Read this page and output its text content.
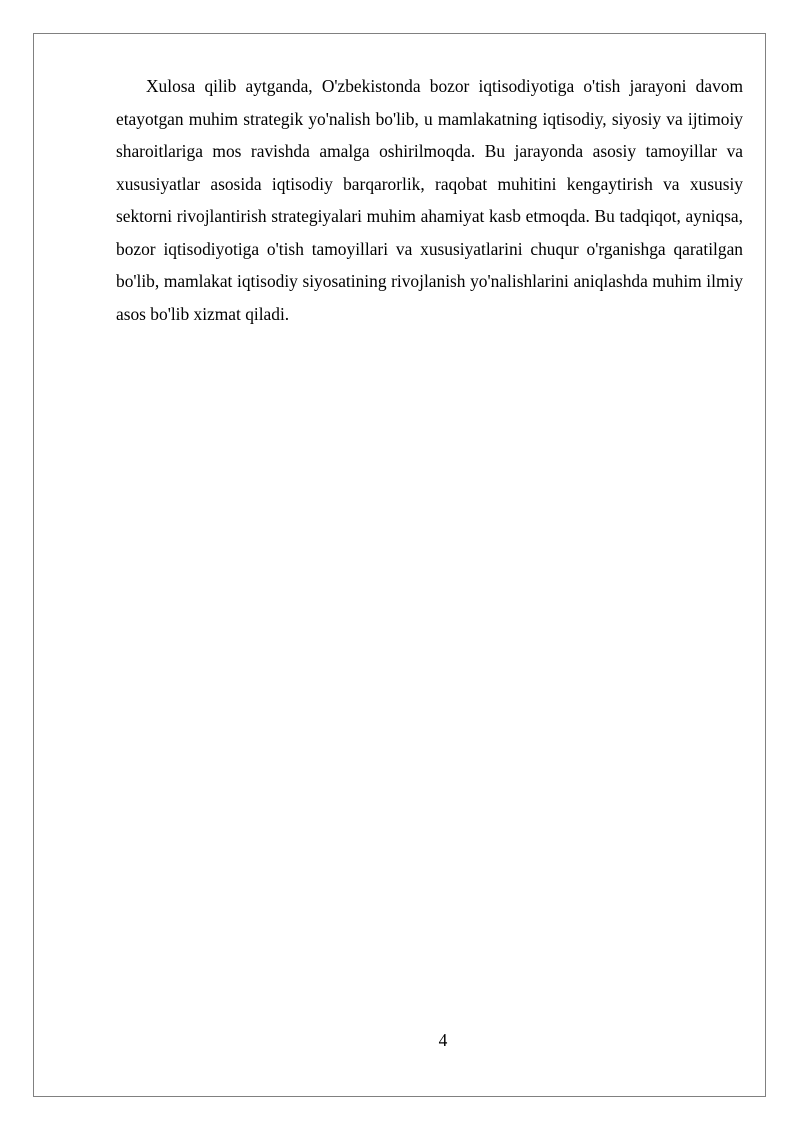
Xulosa qilib aytganda, O'zbekistonda bozor iqtisodiyotiga o'tish jarayoni davom etayotgan muhim strategik yo'nalish bo'lib, u mamlakatning iqtisodiy, siyosiy va ijtimoiy sharoitlariga mos ravishda amalga oshirilmoqda. Bu jarayonda asosiy tamoyillar va xususiyatlar asosida iqtisodiy barqarorlik, raqobat muhitini kengaytirish va xususiy sektorni rivojlantirish strategiyalari muhim ahamiyat kasb etmoqda. Bu tadqiqot, ayniqsa, bozor iqtisodiyotiga o'tish tamoyillari va xususiyatlarini chuqur o'rganishga qaratilgan bo'lib, mamlakat iqtisodiy siyosatining rivojlanish yo'nalishlarini aniqlashda muhim ilmiy asos bo'lib xizmat qiladi.

4
